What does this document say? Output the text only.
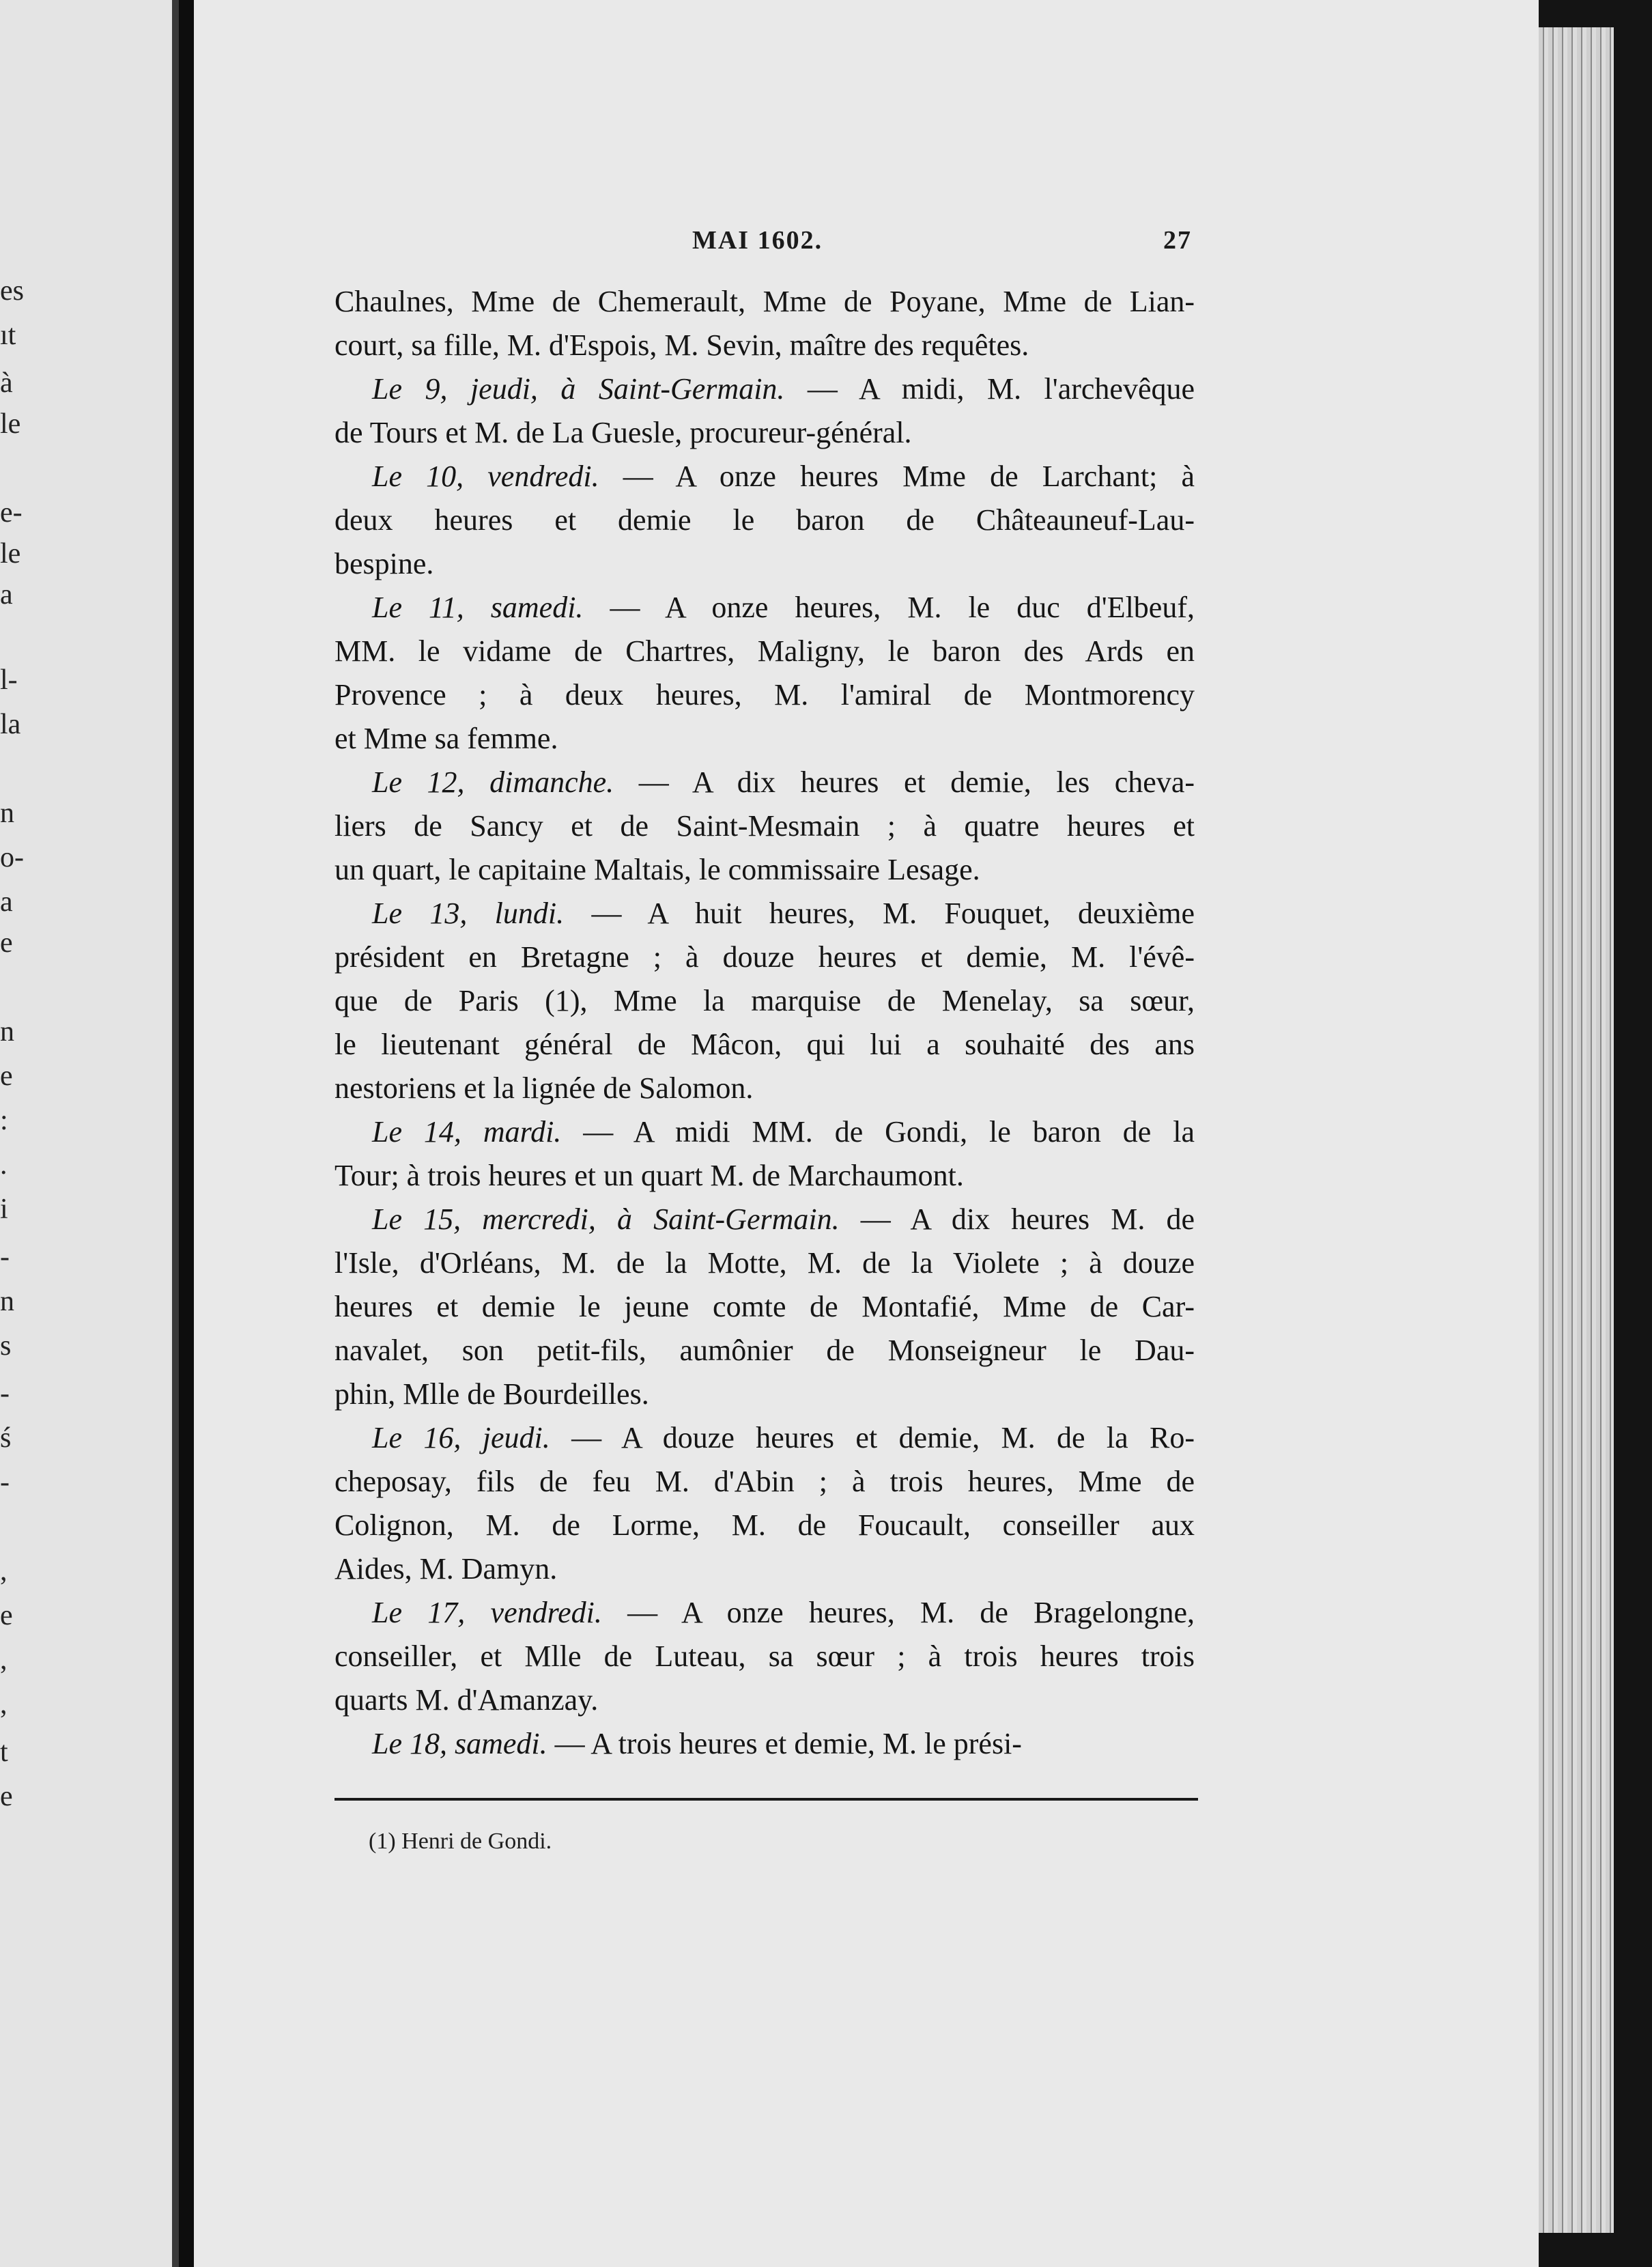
es
ıt
à
le
e-
le
a
l-
la
n
o-
a
e
n
e
:
.
i
-
n
s
-
ś
-
,
e
,
,
t
e
MAI 1602.	27
Chaulnes, Mme de Chemerault, Mme de Poyane, Mme de Lian-
court, sa fille, M. d'Espois, M. Sevin, maître des requêtes.
Le 9, jeudi, à Saint-Germain. — A midi, M. l'archevêque
de Tours et M. de La Guesle, procureur-général.
Le 10, vendredi. — A onze heures Mme de Larchant; à
deux heures et demie le baron de Châteauneuf-Lau-
bespine.
Le 11, samedi. — A onze heures, M. le duc d'Elbeuf,
MM. le vidame de Chartres, Maligny, le baron des Ards en
Provence ; à deux heures, M. l'amiral de Montmorency
et Mme sa femme.
Le 12, dimanche. — A dix heures et demie, les cheva-
liers de Sancy et de Saint-Mesmain ; à quatre heures et
un quart, le capitaine Maltais, le commissaire Lesage.
Le 13, lundi. — A huit heures, M. Fouquet, deuxième
président en Bretagne ; à douze heures et demie, M. l'évê-
que de Paris (1), Mme la marquise de Menelay, sa sœur,
le lieutenant général de Mâcon, qui lui a souhaité des ans
nestoriens et la lignée de Salomon.
Le 14, mardi. — A midi MM. de Gondi, le baron de la
Tour; à trois heures et un quart M. de Marchaumont.
Le 15, mercredi, à Saint-Germain. — A dix heures M. de
l'Isle, d'Orléans, M. de la Motte, M. de la Violete ; à douze
heures et demie le jeune comte de Montafié, Mme de Car-
navalet, son petit-fils, aumônier de Monseigneur le Dau-
phin, Mlle de Bourdeilles.
Le 16, jeudi. — A douze heures et demie, M. de la Ro-
cheposay, fils de feu M. d'Abin ; à trois heures, Mme de
Colignon, M. de Lorme, M. de Foucault, conseiller aux
Aides, M. Damyn.
Le 17, vendredi. — A onze heures, M. de Bragelongne,
conseiller, et Mlle de Luteau, sa sœur ; à trois heures trois
quarts M. d'Amanzay.
Le 18, samedi. — A trois heures et demie, M. le prési-
(1) Henri de Gondi.
